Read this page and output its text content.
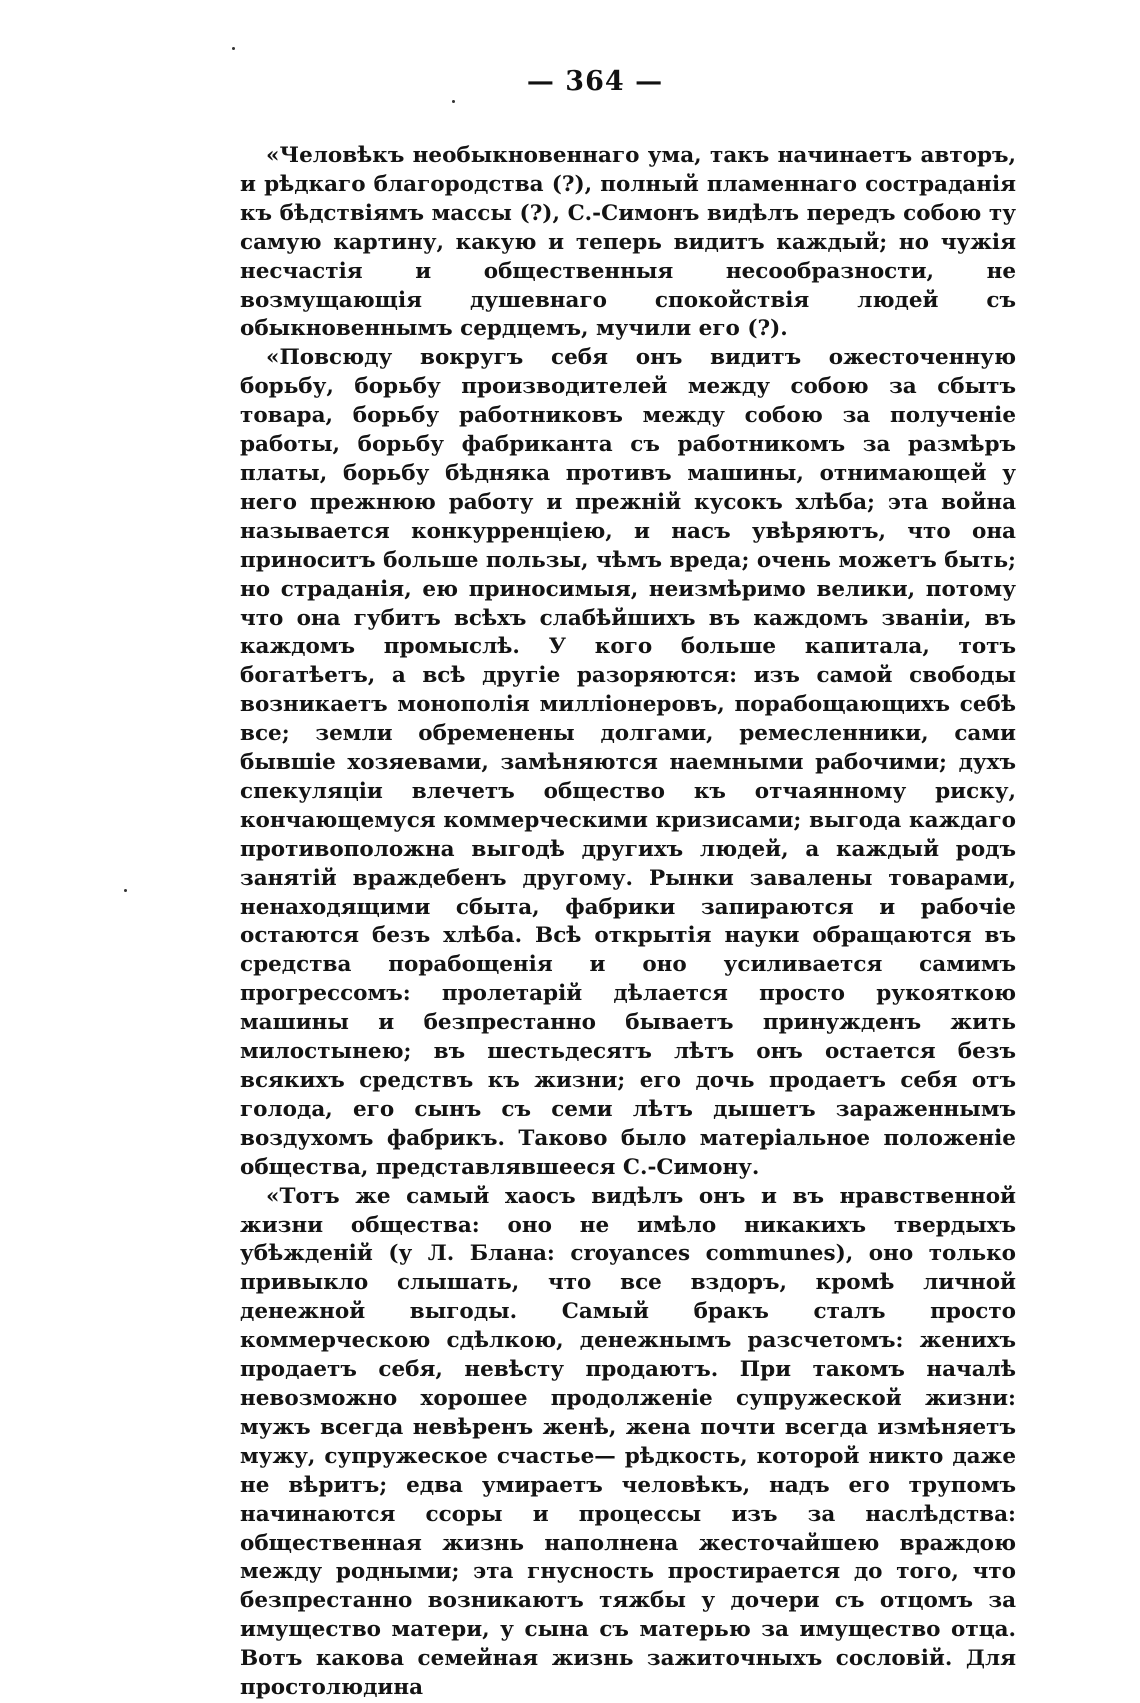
— 364 —

«Человѣкъ необыкновеннаго ума, такъ начинаетъ авторъ, и рѣдкаго благородства (?), полный пламеннаго состраданія къ бѣдствіямъ массы (?), С.-Симонъ видѣлъ передъ собою ту самую картину, какую и теперь видитъ каждый; но чужія несчастія и общественныя несообразности, не возмущающія душевнаго спокойствія людей съ обыкновеннымъ сердцемъ, мучили его (?).

«Повсюду вокругъ себя онъ видитъ ожесточенную борьбу, борьбу производителей между собою за сбытъ товара, борьбу работниковъ между собою за полученіе работы, борьбу фабриканта съ работникомъ за размѣръ платы, борьбу бѣдняка противъ машины, отнимающей у него прежнюю работу и прежній кусокъ хлѣба; эта война называется конкурренціею, и насъ увѣряютъ, что она приноситъ больше пользы, чѣмъ вреда; очень можетъ быть; но страданія, ею приносимыя, неизмѣримо велики, потому что она губитъ всѣхъ слабѣйшихъ въ каждомъ званіи, въ каждомъ промыслѣ. У кого больше капитала, тотъ богатѣетъ, а всѣ другіе разоряются: изъ самой свободы возникаетъ монополія милліонеровъ, порабощающихъ себѣ все; земли обременены долгами, ремесленники, сами бывшіе хозяевами, замѣняются наемными рабочими; духъ спекуляціи влечетъ общество къ отчаянному риску, кончающемуся коммерческими кризисами; выгода каждаго противоположна выгодѣ другихъ людей, а каждый родъ занятій враждебенъ другому. Рынки завалены товарами, ненаходящими сбыта, фабрики запираются и рабочіе остаются безъ хлѣба. Всѣ открытія науки обращаются въ средства порабощенія и оно усиливается самимъ прогрессомъ: пролетарій дѣлается просто рукояткою машины и безпрестанно бываетъ принужденъ жить милостынею; въ шестьдесятъ лѣтъ онъ остается безъ всякихъ средствъ къ жизни; его дочь продаетъ себя отъ голода, его сынъ съ семи лѣтъ дышетъ зараженнымъ воздухомъ фабрикъ. Таково было матеріальное положеніе общества, представлявшееся С.-Симону.

«Тотъ же самый хаосъ видѣлъ онъ и въ нравственной жизни общества: оно не имѣло никакихъ твердыхъ убѣжденій (у Л. Блана: croyances communes), оно только привыкло слышать, что все вздоръ, кромѣ личной денежной выгоды. Самый бракъ сталъ просто коммерческою сдѣлкою, денежнымъ разсчетомъ: женихъ продаетъ себя, невѣсту продаютъ. При такомъ началѣ невозможно хорошее продолженіе супружеской жизни: мужъ всегда невѣренъ женѣ, жена почти всегда измѣняетъ мужу, супружеское счастье— рѣдкость, которой никто даже не вѣритъ; едва умираетъ человѣкъ, надъ его трупомъ начинаются ссоры и процессы изъ за наслѣдства: общественная жизнь наполнена жесточайшею враждою между родными; эта гнусность простирается до того, что безпрестанно возникаютъ тяжбы у дочери съ отцомъ за имущество матери, у сына съ матерью за имущество отца. Вотъ какова семейная жизнь зажиточныхъ сословій. Для простолюдина
